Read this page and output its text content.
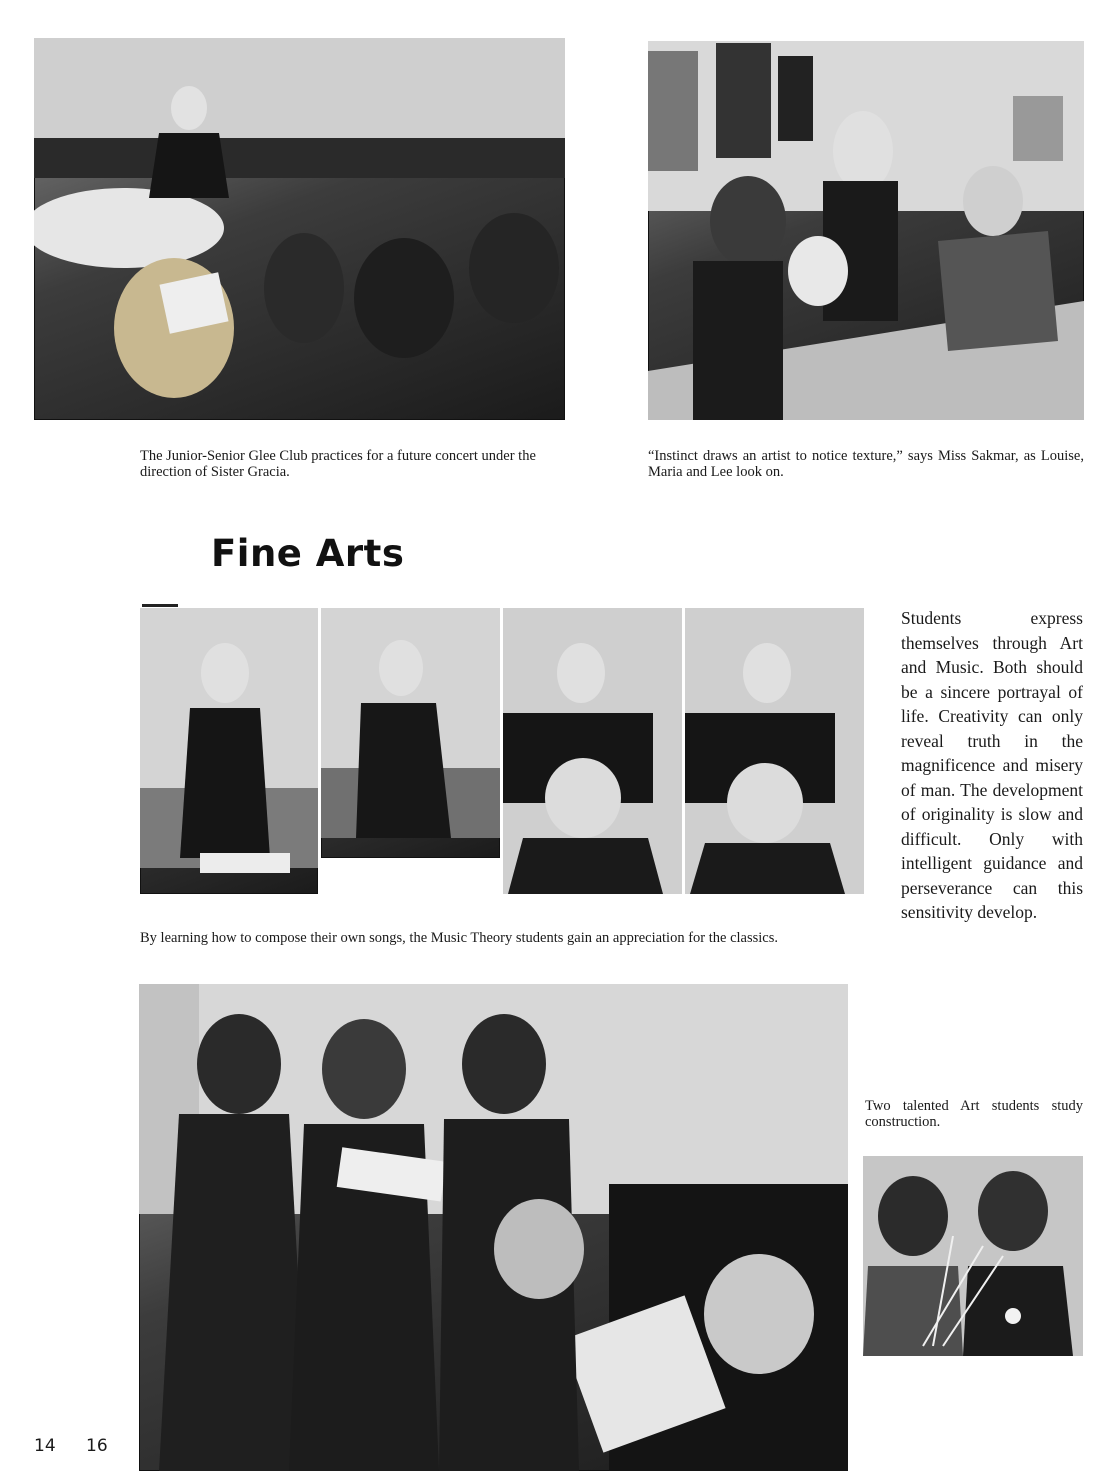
The Junior-Senior Glee Club practices for a future concert under the direction of Sister Gracia.

“Instinct draws an artist to notice texture,” says Miss Sakmar, as Louise, Maria and Lee look on.

Fine Arts

By learning how to compose their own songs, the Music Theory students gain an appreciation for the classics.

Students express themselves through Art and Music. Both should be a sincere portrayal of life. Creativity can only reveal truth in the magnificence and misery of man. The development of originality is slow and difficult. Only with intelligent guidance and perseverance can this sensitivity develop.

Two talented Art students study construction.

14 16
